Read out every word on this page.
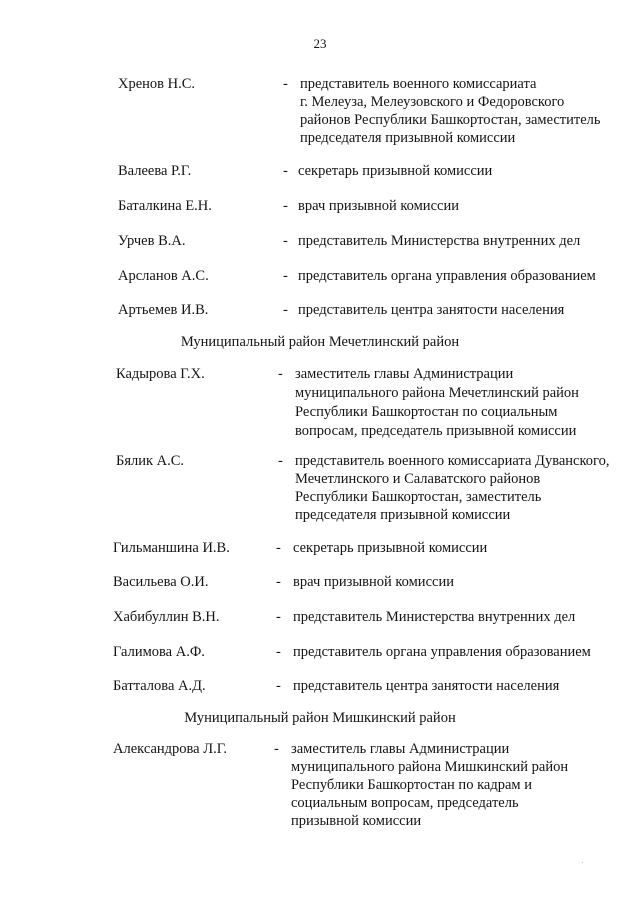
23
Хренов Н.С.	- представитель военного комиссариата
г. Мелеуза, Мелеузовского и Федоровского
районов Республики Башкортостан, заместитель
председателя призывной комиссии
Валеева Р.Г.	- секретарь призывной комиссии
Баталкина Е.Н.	- врач призывной комиссии
Урчев В.А.	- представитель Министерства внутренних дел
Арсланов А.С.	- представитель органа управления образованием
Артьемев И.В.	- представитель центра занятости населения
Муниципальный район Мечетлинский район
Кадырова Г.Х.	- заместитель главы Администрации
муниципального района Мечетлинский район
Республики Башкортостан по социальным
вопросам, председатель призывной комиссии
Бялик А.С.	- представитель военного комиссариата Дуванского,
Мечетлинского и Салаватского районов
Республики Башкортостан, заместитель
председателя призывной комиссии
Гильманшина И.В.	- секретарь призывной комиссии
Васильева О.И.	- врач призывной комиссии
Хабибуллин В.Н.	- представитель Министерства внутренних дел
Галимова А.Ф.	- представитель органа управления образованием
Батталова А.Д.	- представитель центра занятости населения
Муниципальный район Мишкинский район
Александрова Л.Г.	- заместитель главы Администрации
муниципального района Мишкинский район
Республики Башкортостан по кадрам и
социальным вопросам, председатель
призывной комиссии
